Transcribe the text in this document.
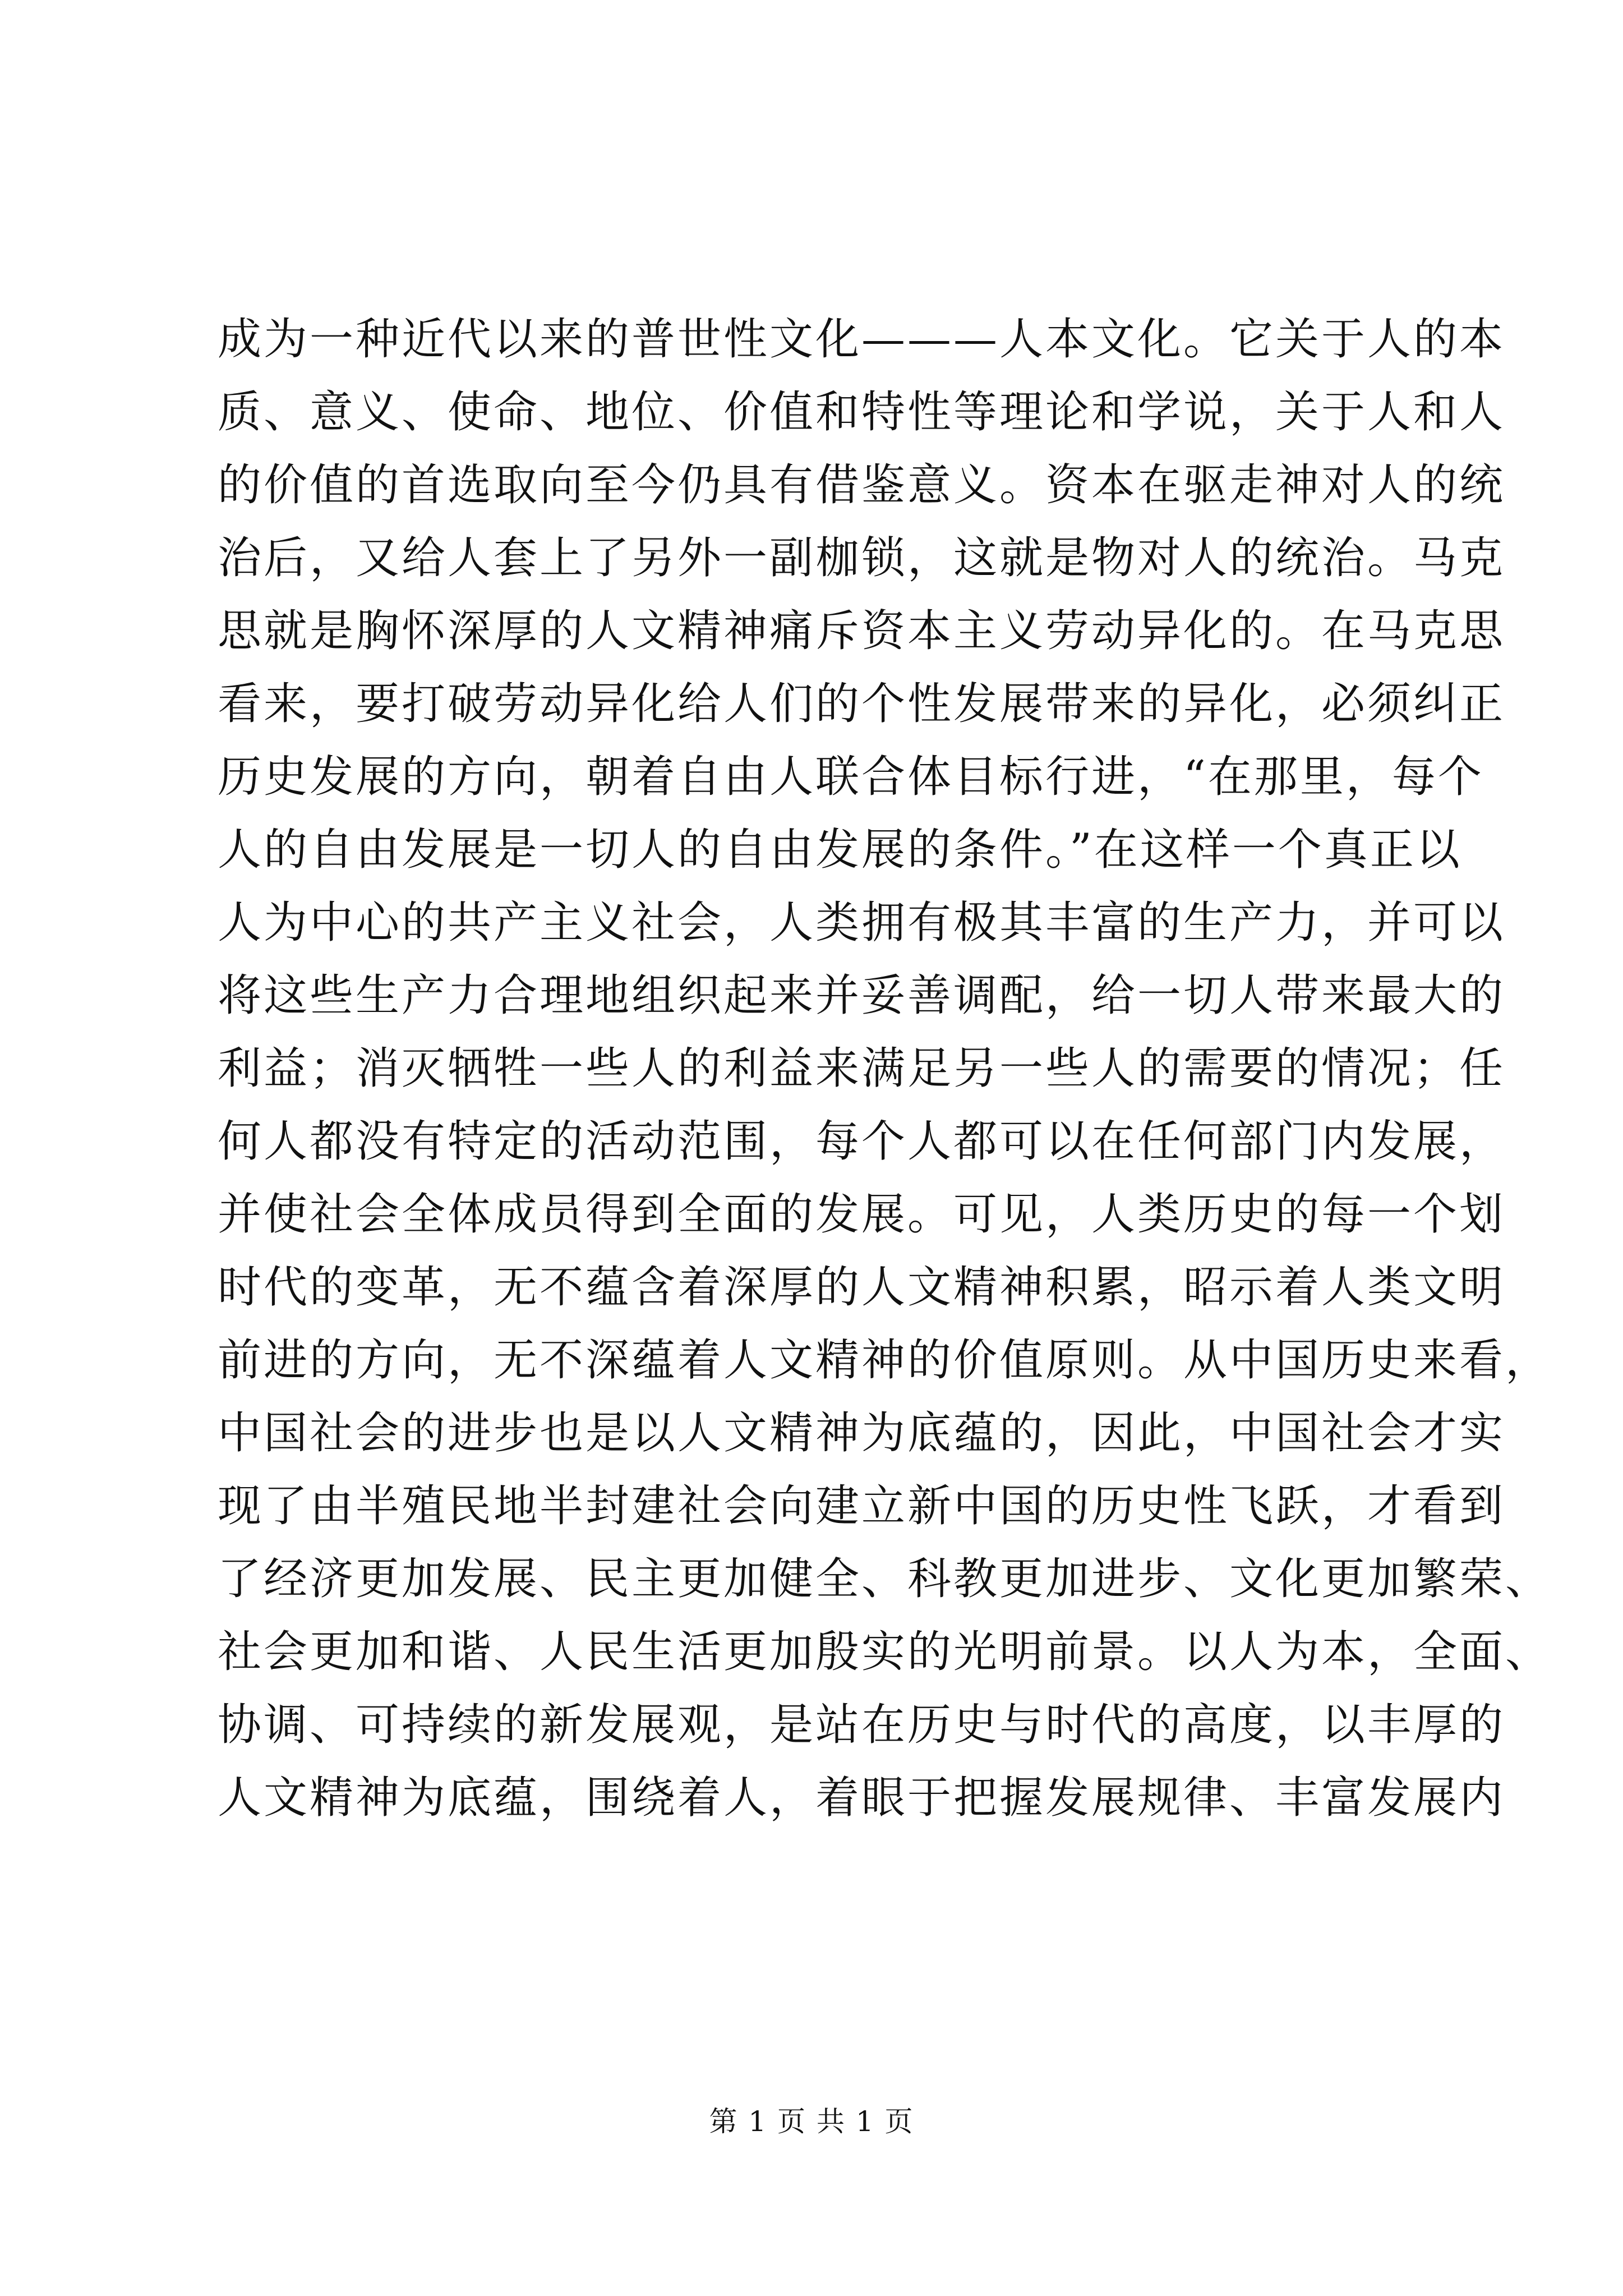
成为一种近代以来的普世性文化———人本文化。它关于人的本
质、意义、使命、地位、价值和特性等理论和学说，关于人和人
的价值的首选取向至今仍具有借鉴意义。资本在驱走神对人的统
治后，又给人套上了另外一副枷锁，这就是物对人的统治。马克
思就是胸怀深厚的人文精神痛斥资本主义劳动异化的。在马克思
看来，要打破劳动异化给人们的个性发展带来的异化，必须纠正
历史发展的方向，朝着自由人联合体目标行进，“在那里，每个
人的自由发展是一切人的自由发展的条件。”在这样一个真正以
人为中心的共产主义社会，人类拥有极其丰富的生产力，并可以
将这些生产力合理地组织起来并妥善调配，给一切人带来最大的
利益；消灭牺牲一些人的利益来满足另一些人的需要的情况；任
何人都没有特定的活动范围，每个人都可以在任何部门内发展，
并使社会全体成员得到全面的发展。可见，人类历史的每一个划
时代的变革，无不蕴含着深厚的人文精神积累，昭示着人类文明
前进的方向，无不深蕴着人文精神的价值原则。从中国历史来看，
中国社会的进步也是以人文精神为底蕴的，因此，中国社会才实
现了由半殖民地半封建社会向建立新中国的历史性飞跃，才看到
了经济更加发展、民主更加健全、科教更加进步、文化更加繁荣、
社会更加和谐、人民生活更加殷实的光明前景。以人为本，全面、
协调、可持续的新发展观，是站在历史与时代的高度，以丰厚的
人文精神为底蕴，围绕着人，着眼于把握发展规律、丰富发展内
第 1 页 共 1 页
